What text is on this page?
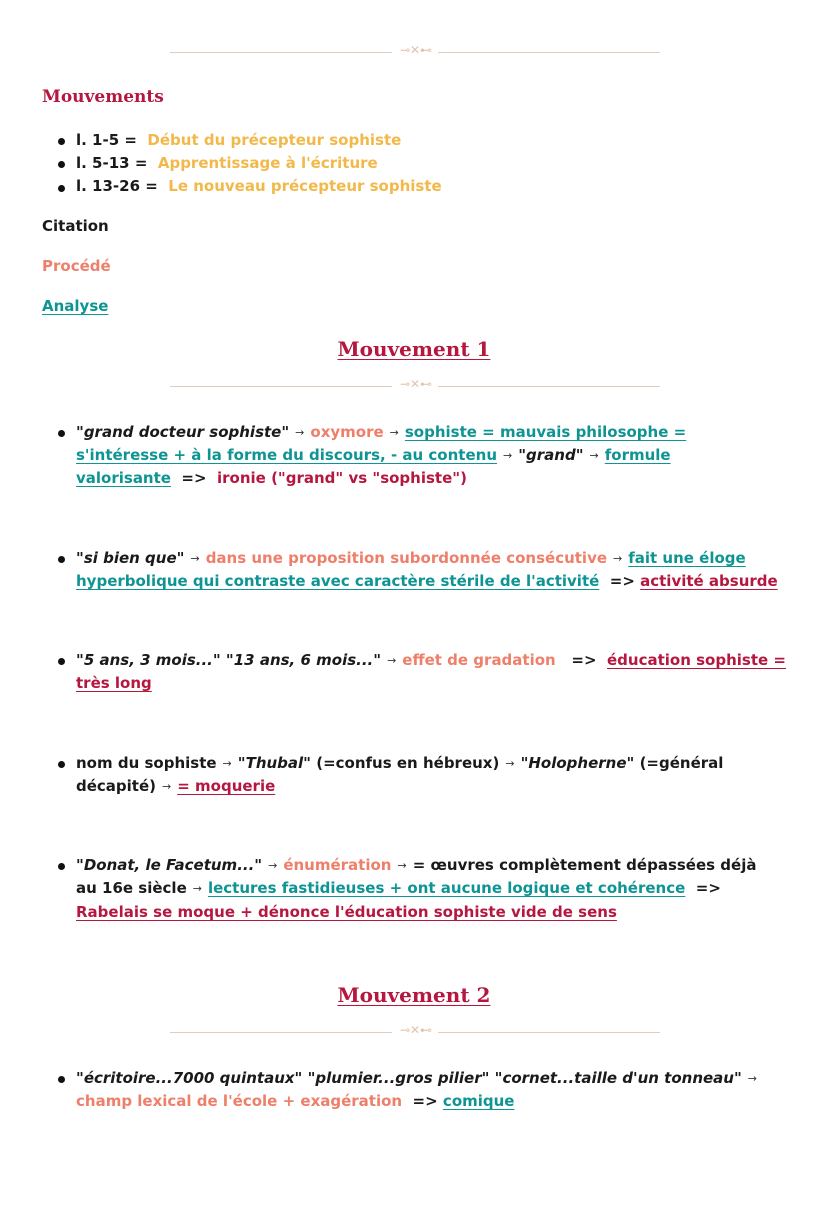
⊸✕⊷
Mouvements
l. 1-5 = Début du précepteur sophiste
l. 5-13 = Apprentissage à l'écriture
l. 13-26 = Le nouveau précepteur sophiste
Citation
Procédé
Analyse
Mouvement 1
⊸✕⊷
"grand docteur sophiste" → oxymore → sophiste = mauvais philosophe =
s'intéresse + à la forme du discours, - au contenu → "grand" → formule
valorisante => ironie ("grand" vs "sophiste")
"si bien que" → dans une proposition subordonnée consécutive → fait une éloge
hyperbolique qui contraste avec caractère stérile de l'activité => activité absurde
"5 ans, 3 mois..." "13 ans, 6 mois..." → effet de gradation => éducation sophiste =
très long
nom du sophiste → "Thubal" (=confus en hébreux) → "Holopherne" (=général
décapité) → = moquerie
"Donat, le Facetum..." → énumération → = œuvres complètement dépassées déjà
au 16e siècle → lectures fastidieuses + ont aucune logique et cohérence =>
Rabelais se moque + dénonce l'éducation sophiste vide de sens
Mouvement 2
⊸✕⊷
"écritoire...7000 quintaux" "plumier...gros pilier" "cornet...taille d'un tonneau" →
champ lexical de l'école + exagération => comique
